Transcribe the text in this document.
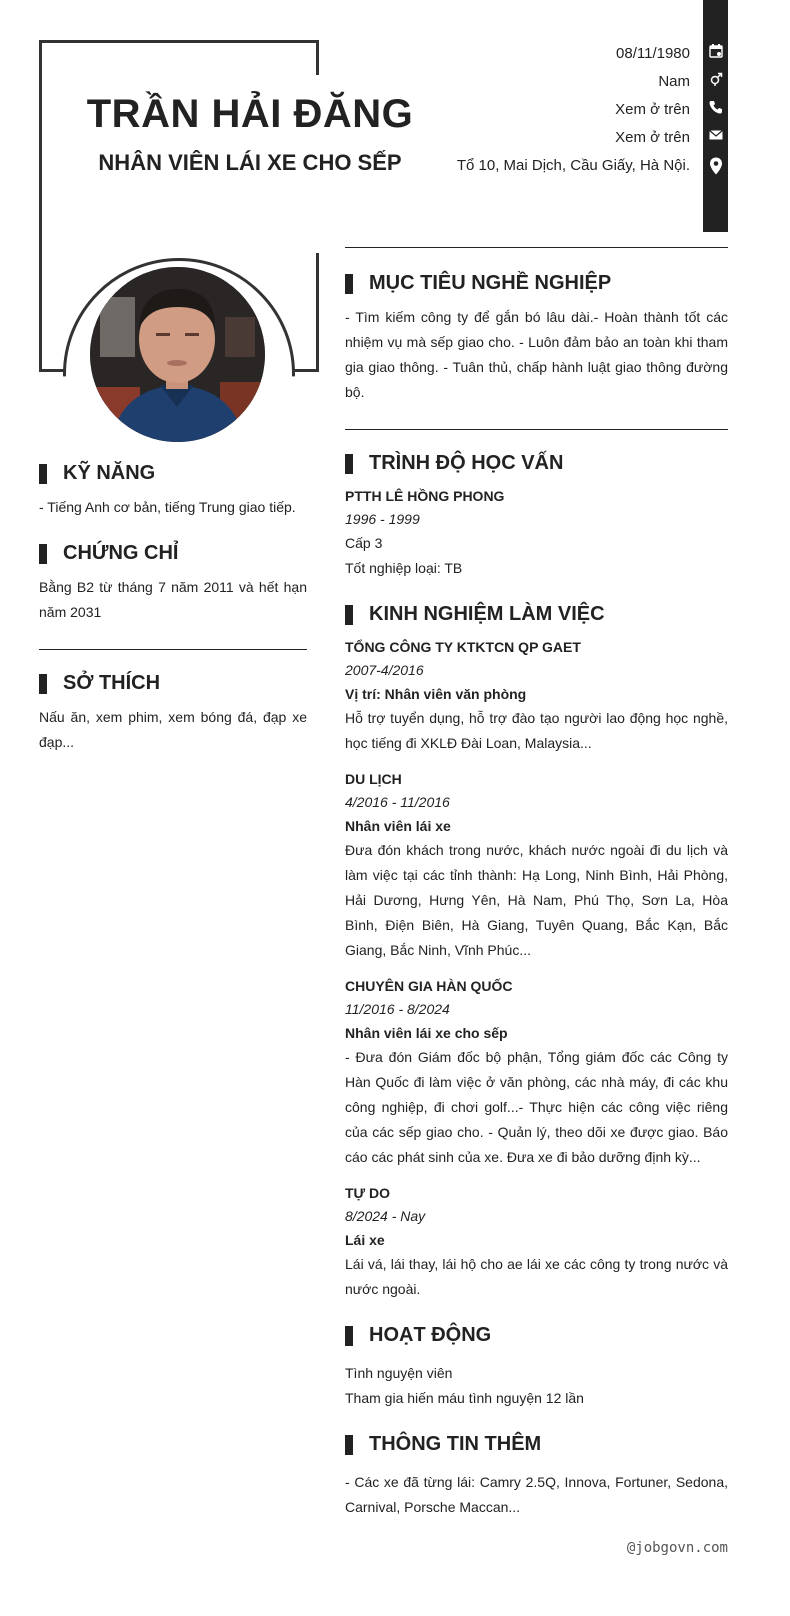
TRẦN HẢI ĐĂNG
NHÂN VIÊN LÁI XE CHO SẾP
08/11/1980
Nam
Xem ở trên
Xem ở trên
Tổ 10, Mai Dịch, Cầu Giấy, Hà Nội.
KỸ NĂNG
- Tiếng Anh cơ bản, tiếng Trung giao tiếp.
CHỨNG CHỈ
Bằng B2 từ tháng 7 năm 2011 và hết hạn năm 2031
SỞ THÍCH
Nấu ăn, xem phim, xem bóng đá, đạp xe đạp...
MỤC TIÊU NGHỀ NGHIỆP
- Tìm kiếm công ty để gắn bó lâu dài.- Hoàn thành tốt các nhiệm vụ mà sếp giao cho. - Luôn đảm bảo an toàn khi tham gia giao thông. - Tuân thủ, chấp hành luật giao thông đường bộ.
TRÌNH ĐỘ HỌC VẤN
PTTH LÊ HỒNG PHONG
1996 - 1999
Cấp 3
Tốt nghiệp loại: TB
KINH NGHIỆM LÀM VIỆC
TỔNG CÔNG TY KTKTCN QP GAET
2007-4/2016
Vị trí: Nhân viên văn phòng
Hỗ trợ tuyển dụng, hỗ trợ đào tạo người lao động học nghề, học tiếng đi XKLĐ Đài Loan, Malaysia...
DU LỊCH
4/2016 - 11/2016
Nhân viên lái xe
Đưa đón khách trong nước, khách nước ngoài đi du lịch và làm việc tại các tỉnh thành: Hạ Long, Ninh Bình, Hải Phòng, Hải Dương, Hưng Yên, Hà Nam, Phú Thọ, Sơn La, Hòa Bình, Điện Biên, Hà Giang, Tuyên Quang, Bắc Kạn, Bắc Giang, Bắc Ninh, Vĩnh Phúc...
CHUYÊN GIA HÀN QUỐC
11/2016 - 8/2024
Nhân viên lái xe cho sếp
- Đưa đón Giám đốc bộ phận, Tổng giám đốc các Công ty Hàn Quốc đi làm việc ở văn phòng, các nhà máy, đi các khu công nghiệp, đi chơi golf...- Thực hiện các công việc riêng của các sếp giao cho. - Quản lý, theo dõi xe được giao. Báo cáo các phát sinh của xe. Đưa xe đi bảo dưỡng định kỳ...
TỰ DO
8/2024 - Nay
Lái xe
Lái vá, lái thay, lái hộ cho ae lái xe các công ty trong nước và nước ngoài.
HOẠT ĐỘNG
Tình nguyện viên
Tham gia hiến máu tình nguyện 12 lần
THÔNG TIN THÊM
- Các xe đã từng lái: Camry 2.5Q, Innova, Fortuner, Sedona, Carnival, Porsche Maccan...
@jobgovn.com
